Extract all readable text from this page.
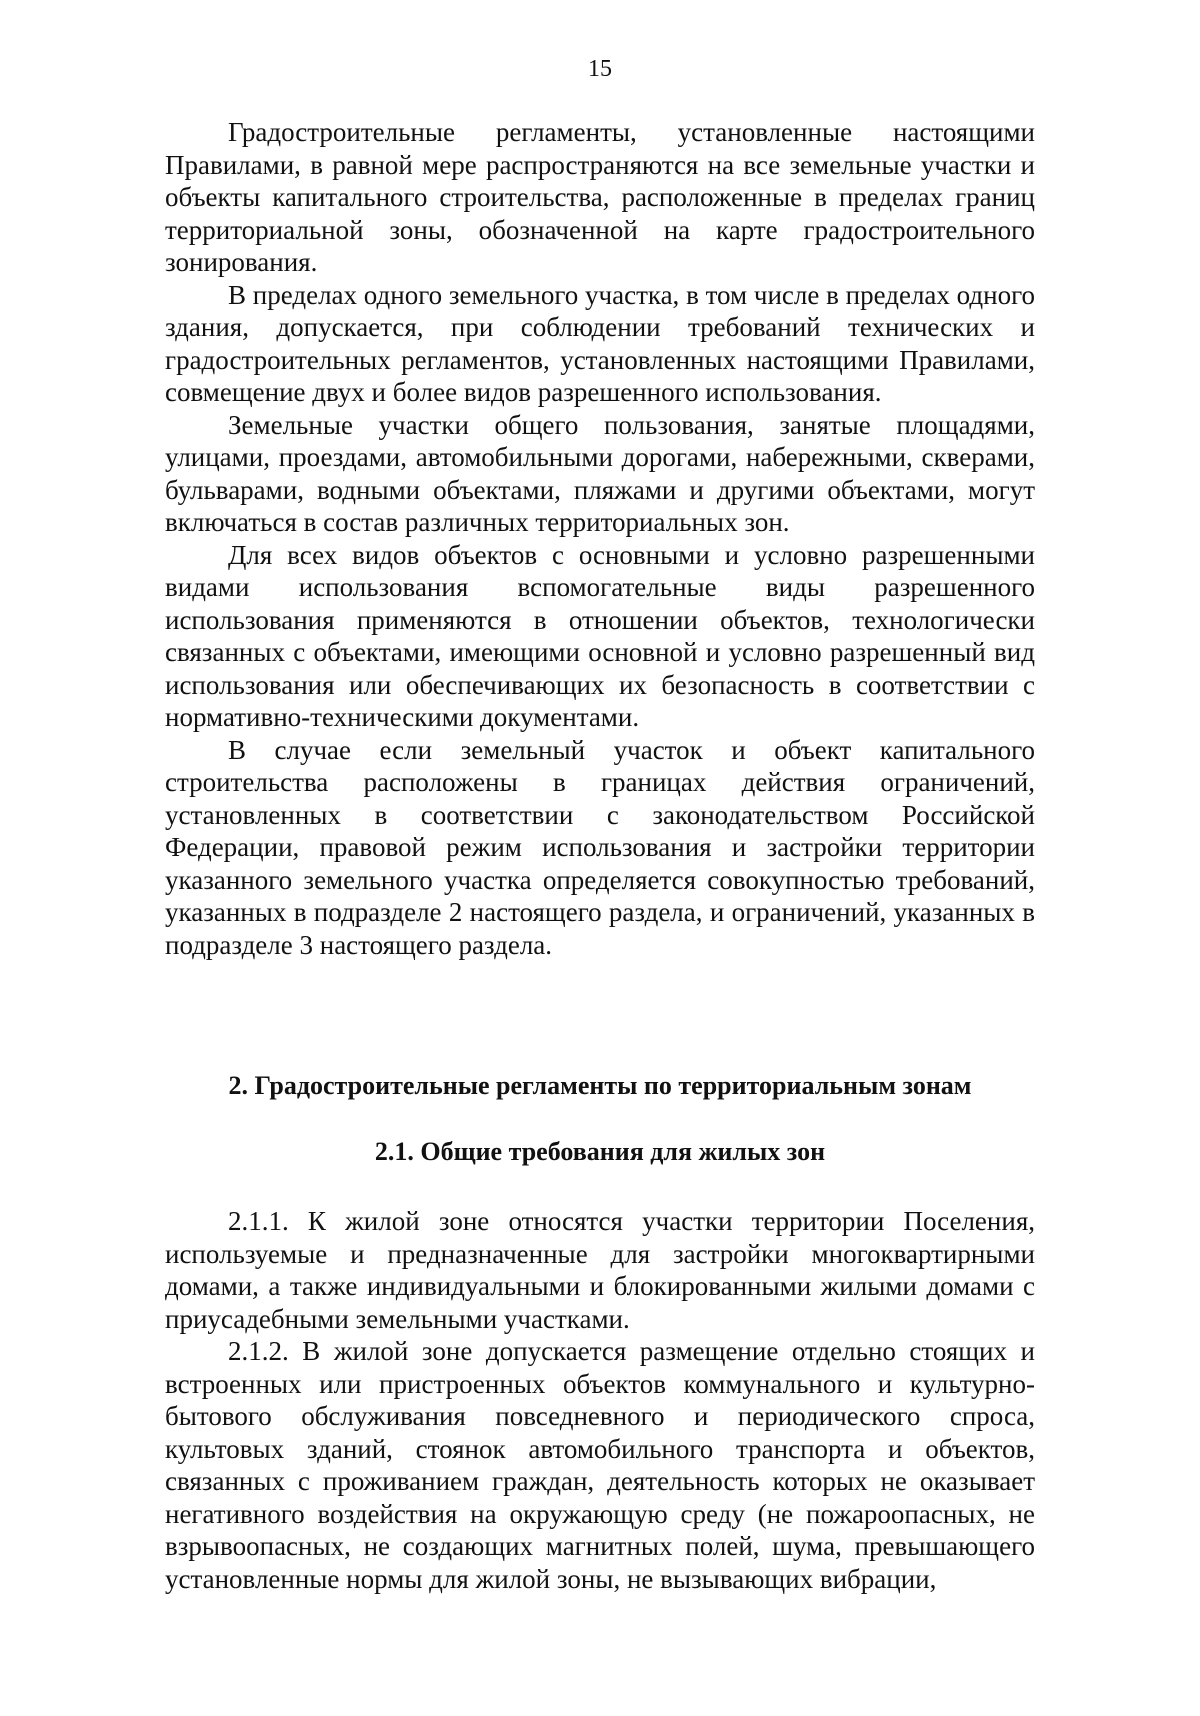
15

Градостроительные регламенты, установленные настоящими Правилами, в равной мере распространяются на все земельные участки и объекты капитального строительства, расположенные в пределах границ территориальной зоны, обозначенной на карте градостроительного зонирования.

В пределах одного земельного участка, в том числе в пределах одного здания, допускается, при соблюдении требований технических и градостроительных регламентов, установленных настоящими Правилами, совмещение двух и более видов разрешенного использования.

Земельные участки общего пользования, занятые площадями, улицами, проездами, автомобильными дорогами, набережными, скверами, бульварами, водными объектами, пляжами и другими объектами, могут включаться в состав различных территориальных зон.

Для всех видов объектов с основными и условно разрешенными видами использования вспомогательные виды разрешенного использования применяются в отношении объектов, технологически связанных с объектами, имеющими основной и условно разрешенный вид использования или обеспечивающих их безопасность в соответствии с нормативно-техническими документами.

В случае если земельный участок и объект капитального строительства расположены в границах действия ограничений, установленных в соответствии с законодательством Российской Федерации, правовой режим использования и застройки территории указанного земельного участка определяется совокупностью требований, указанных в подразделе 2 настоящего раздела, и ограничений, указанных в подразделе 3 настоящего раздела.

2. Градостроительные регламенты по территориальным зонам
2.1. Общие требования для жилых зон

2.1.1. К жилой зоне относятся участки территории Поселения, используемые и предназначенные для застройки многоквартирными домами, а также индивидуальными и блокированными жилыми домами с приусадебными земельными участками.

2.1.2. В жилой зоне допускается размещение отдельно стоящих и встроенных или пристроенных объектов коммунального и культурно-бытового обслуживания повседневного и периодического спроса, культовых зданий, стоянок автомобильного транспорта и объектов, связанных с проживанием граждан, деятельность которых не оказывает негативного воздействия на окружающую среду (не пожароопасных, не взрывоопасных, не создающих магнитных полей, шума, превышающего установленные нормы для жилой зоны, не вызывающих вибрации,
